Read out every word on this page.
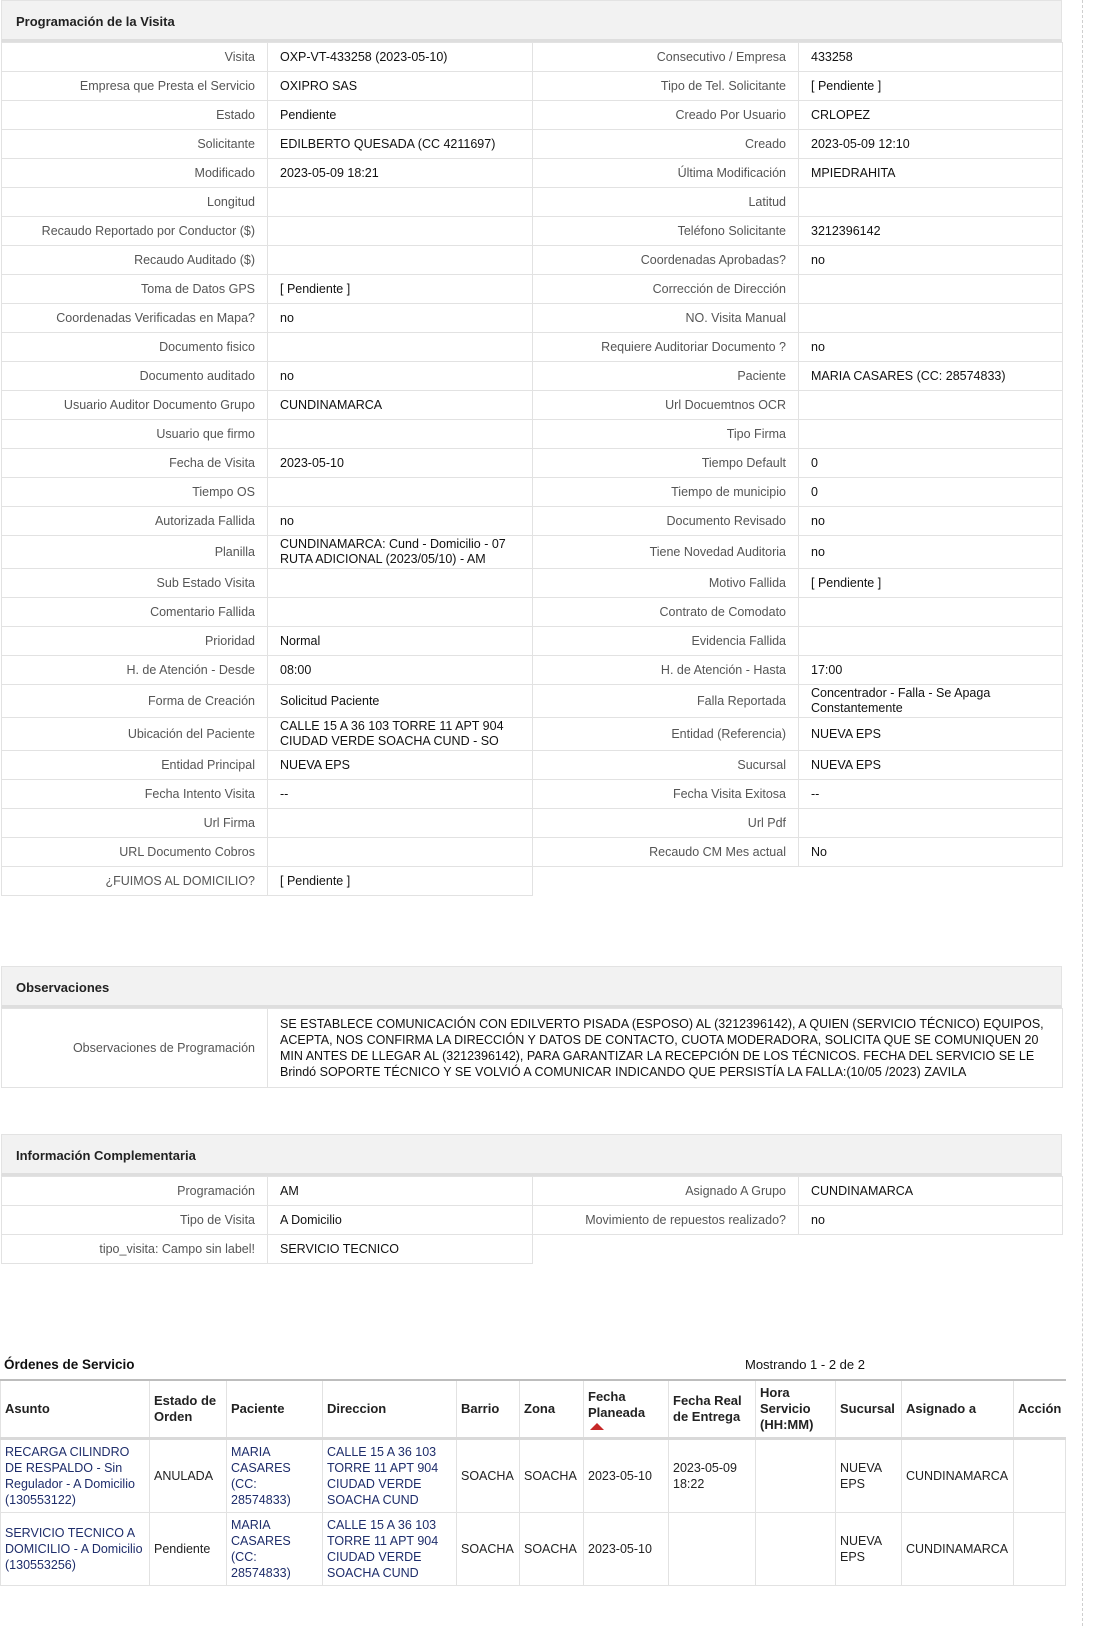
Programación de la Visita
Visita	OXP-VT-433258 (2023-05-10)	Consecutivo / Empresa	433258
Empresa que Presta el Servicio	OXIPRO SAS	Tipo de Tel. Solicitante	[ Pendiente ]
Estado	Pendiente	Creado Por Usuario	CRLOPEZ
Solicitante	EDILBERTO QUESADA (CC 4211697)	Creado	2023-05-09 12:10
Modificado	2023-05-09 18:21	Última Modificación	MPIEDRAHITA
Longitud		Latitud	
Recaudo Reportado por Conductor ($)		Teléfono Solicitante	3212396142
Recaudo Auditado ($)		Coordenadas Aprobadas?	no
Toma de Datos GPS	[ Pendiente ]	Corrección de Dirección	
Coordenadas Verificadas en Mapa?	no	NO. Visita Manual	
Documento fisico		Requiere Auditoriar Documento ?	no
Documento auditado	no	Paciente	MARIA CASARES (CC: 28574833)
Usuario Auditor Documento Grupo	CUNDINAMARCA	Url Docuemtnos OCR	
Usuario que firmo		Tipo Firma	
Fecha de Visita	2023-05-10	Tiempo Default	0
Tiempo OS		Tiempo de municipio	0
Autorizada Fallida	no	Documento Revisado	no
Planilla	CUNDINAMARCA: Cund - Domicilio - 07 RUTA ADICIONAL (2023/05/10) - AM	Tiene Novedad Auditoria	no
Sub Estado Visita		Motivo Fallida	[ Pendiente ]
Comentario Fallida		Contrato de Comodato	
Prioridad	Normal	Evidencia Fallida	
H. de Atención - Desde	08:00	H. de Atención - Hasta	17:00
Forma de Creación	Solicitud Paciente	Falla Reportada	Concentrador - Falla - Se Apaga Constantemente
Ubicación del Paciente	CALLE 15 A 36 103 TORRE 11 APT 904 CIUDAD VERDE SOACHA CUND - SO	Entidad (Referencia)	NUEVA EPS
Entidad Principal	NUEVA EPS	Sucursal	NUEVA EPS
Fecha Intento Visita	--	Fecha Visita Exitosa	--
Url Firma		Url Pdf	
URL Documento Cobros		Recaudo CM Mes actual	No
¿FUIMOS AL DOMICILIO?	[ Pendiente ]		
Observaciones
Observaciones de Programación	SE ESTABLECE COMUNICACIÓN CON EDILVERTO PISADA (ESPOSO) AL (3212396142), A QUIEN (SERVICIO TÉCNICO) EQUIPOS, ACEPTA, NOS CONFIRMA LA DIRECCIÓN Y DATOS DE CONTACTO, CUOTA MODERADORA, SOLICITA QUE SE COMUNIQUEN 20 MIN ANTES DE LLEGAR AL (3212396142), PARA GARANTIZAR LA RECEPCIÓN DE LOS TÉCNICOS. FECHA DEL SERVICIO SE LE Brindó SOPORTE TÉCNICO Y SE VOLVIÓ A COMUNICAR INDICANDO QUE PERSISTÍA LA FALLA:(10/05 /2023) ZAVILA
Información Complementaria
Programación	AM	Asignado A Grupo	CUNDINAMARCA
Tipo de Visita	A Domicilio	Movimiento de repuestos realizado?	no
tipo_visita: Campo sin label!	SERVICIO TECNICO		
Órdenes de Servicio	Mostrando 1 - 2 de 2
Asunto	Estado de Orden	Paciente	Direccion	Barrio	Zona	Fecha Planeada	Fecha Real de Entrega	Hora Servicio (HH:MM)	Sucursal	Asignado a	Acción
RECARGA CILINDRO DE RESPALDO - Sin Regulador - A Domicilio (130553122)	ANULADA	MARIA CASARES (CC: 28574833)	CALLE 15 A 36 103 TORRE 11 APT 904 CIUDAD VERDE SOACHA CUND	SOACHA	SOACHA	2023-05-10	2023-05-09 18:22		NUEVA EPS	CUNDINAMARCA	
SERVICIO TECNICO A DOMICILIO - A Domicilio (130553256)	Pendiente	MARIA CASARES (CC: 28574833)	CALLE 15 A 36 103 TORRE 11 APT 904 CIUDAD VERDE SOACHA CUND	SOACHA	SOACHA	2023-05-10			NUEVA EPS	CUNDINAMARCA	
